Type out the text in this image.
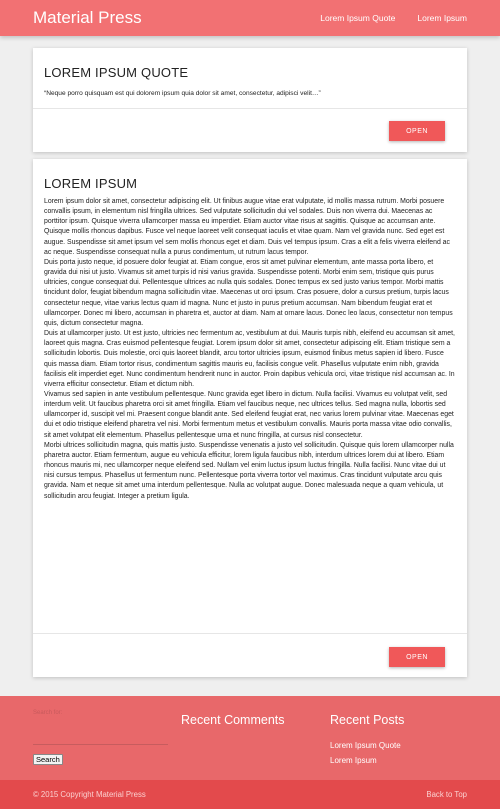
Material Press	Lorem Ipsum Quote	Lorem Ipsum
LOREM IPSUM QUOTE

“Neque porro quisquam est qui dolorem ipsum quia dolor sit amet, consectetur, adipisci velit…”

OPEN
LOREM IPSUM

Lorem ipsum dolor sit amet, consectetur adipiscing elit. Ut finibus augue vitae erat vulputate, id mollis massa rutrum. Morbi posuere convallis ipsum, in elementum nisl fringilla ultrices. Sed vulputate sollicitudin dui vel sodales. Duis non viverra dui. Maecenas ac porttitor ipsum. Quisque viverra ullamcorper massa eu imperdiet. Etiam auctor vitae risus at sagittis. Quisque ac accumsan ante. Quisque mollis rhoncus dapibus. Fusce vel neque laoreet velit consequat iaculis et vitae quam. Nam vel gravida nunc. Sed eget est augue. Suspendisse sit amet ipsum vel sem mollis rhoncus eget et diam. Duis vel tempus ipsum. Cras a elit a felis viverra eleifend ac ac neque. Suspendisse consequat nulla a purus condimentum, ut rutrum lacus tempor.

Duis porta justo neque, id posuere dolor feugiat at. Etiam congue, eros sit amet pulvinar elementum, ante massa porta libero, et gravida dui nisi ut justo. Vivamus sit amet turpis id nisi varius gravida. Suspendisse potenti. Morbi enim sem, tristique quis purus ultricies, congue consequat dui. Pellentesque ultrices ac nulla quis sodales. Donec tempus ex sed justo varius tempor. Morbi mattis tincidunt dolor, feugiat bibendum magna sollicitudin vitae. Maecenas ut orci ipsum. Cras posuere, dolor a cursus pretium, turpis lacus consectetur neque, vitae varius lectus quam id magna. Nunc et justo in purus pretium accumsan. Nam bibendum feugiat erat et ullamcorper. Donec mi libero, accumsan in pharetra et, auctor at diam. Nam at ornare lacus. Donec leo lacus, consectetur non tempus quis, dictum consectetur magna.

Duis at ullamcorper justo. Ut est justo, ultricies nec fermentum ac, vestibulum at dui. Mauris turpis nibh, eleifend eu accumsan sit amet, laoreet quis magna. Cras euismod pellentesque feugiat. Lorem ipsum dolor sit amet, consectetur adipiscing elit. Etiam tristique sem a sollicitudin lobortis. Duis molestie, orci quis laoreet blandit, arcu tortor ultricies ipsum, euismod finibus metus sapien id libero. Fusce quis massa diam. Etiam tortor risus, condimentum sagittis mauris eu, facilisis congue velit. Phasellus vulputate enim nibh, gravida facilisis elit imperdiet eget. Nunc condimentum hendrerit nunc in auctor. Proin dapibus vehicula orci, vitae tristique nisl accumsan ac. In viverra efficitur consectetur. Etiam et dictum nibh.

Vivamus sed sapien in ante vestibulum pellentesque. Nunc gravida eget libero in dictum. Nulla facilisi. Vivamus eu volutpat velit, sed interdum velit. Ut faucibus pharetra orci sit amet fringilla. Etiam vel faucibus neque, nec ultrices tellus. Sed magna nulla, lobortis sed ullamcorper id, suscipit vel mi. Praesent congue blandit ante. Sed eleifend feugiat erat, nec varius lorem pulvinar vitae. Maecenas eget dui et odio tristique eleifend pharetra vel nisi. Morbi fermentum metus et vestibulum convallis. Mauris porta massa vitae odio convallis, sit amet volutpat elit elementum. Phasellus pellentesque urna et nunc fringilla, at cursus nisl consectetur.

Morbi ultrices sollicitudin magna, quis mattis justo. Suspendisse venenatis a justo vel sollicitudin. Quisque quis lorem ullamcorper nulla pharetra auctor. Etiam fermentum, augue eu vehicula efficitur, lorem ligula faucibus nibh, interdum ultrices lorem dui at libero. Etiam rhoncus mauris mi, nec ullamcorper neque eleifend sed. Nullam vel enim luctus ipsum luctus fringilla. Nulla facilisi. Nunc vitae dui ut nisi cursus tempus. Phasellus ut fermentum nunc. Pellentesque porta viverra tortor vel maximus. Cras tincidunt vulputate arcu quis gravida. Nam et neque sit amet urna interdum pellentesque. Nulla ac volutpat augue. Donec malesuada neque a quam vehicula, ut sollicitudin arcu feugiat. Integer a pretium ligula.

OPEN
Search for:
Search
Recent Comments	Recent Posts
Lorem Ipsum Quote
Lorem Ipsum
© 2015 Copyright Material Press	Back to Top
